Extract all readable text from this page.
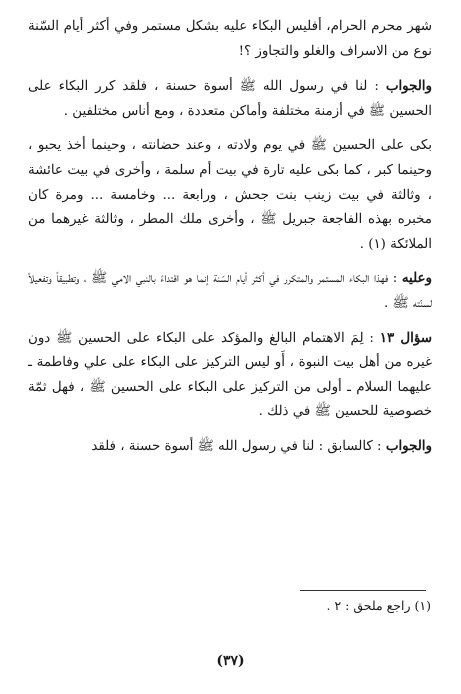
شهر محرم الحرام، أفليس البكاء عليه بشكل مستمر وفي أكثر أيام السّنة نوع من الاسراف والغلو والتجاوز ؟!

والجواب : لنا في رسول الله ﷺ أسوة حسنة ، فلقد كرر البكاء على الحسين ﷺ في أزمنة مختلفة وأماكن متعددة ، ومع أناس مختلفين .

بكى على الحسين ﷺ في يوم ولادته ، وعند حضانته ، وحينما أخذ يحبو ، وحينما كبر ، كما بكى عليه تارة في بيت أم سلمة ، وأخرى في بيت عائشة ، وثالثة في بيت زينب بنت جحش ، ورابعة ... وخامسة ... ومرة كان مخبره بهذه الفاجعة جبريل ﷺ ، وأخرى ملك المطر ، وثالثة غيرهما من الملائكة (١) .

وعليه : فهذا البكاء المستمر والمتكرر في أكثر أيام السّنة إنما هو اقتداءً بالنبي الامي ﷺ ، وتطبيقاً وتفعيلاً لسنّته ﷺ .

سؤال ١٣ : لِمَ الاهتمام البالغ والمؤكد على البكاء على الحسين ﷺ دون غيره من أهل بيت النبوة ، أَو ليس التركيز على البكاء على علي وفاطمة ـ عليهما السلام ـ أولى من التركيز على البكاء على الحسين ﷺ ، فهل ثمّة خصوصية للحسين ﷺ في ذلك .

والجواب : كالسابق : لنا في رسول الله ﷺ أسوة حسنة ، فلقد

(١) راجع ملحق : ٢ .
(٣٧)
